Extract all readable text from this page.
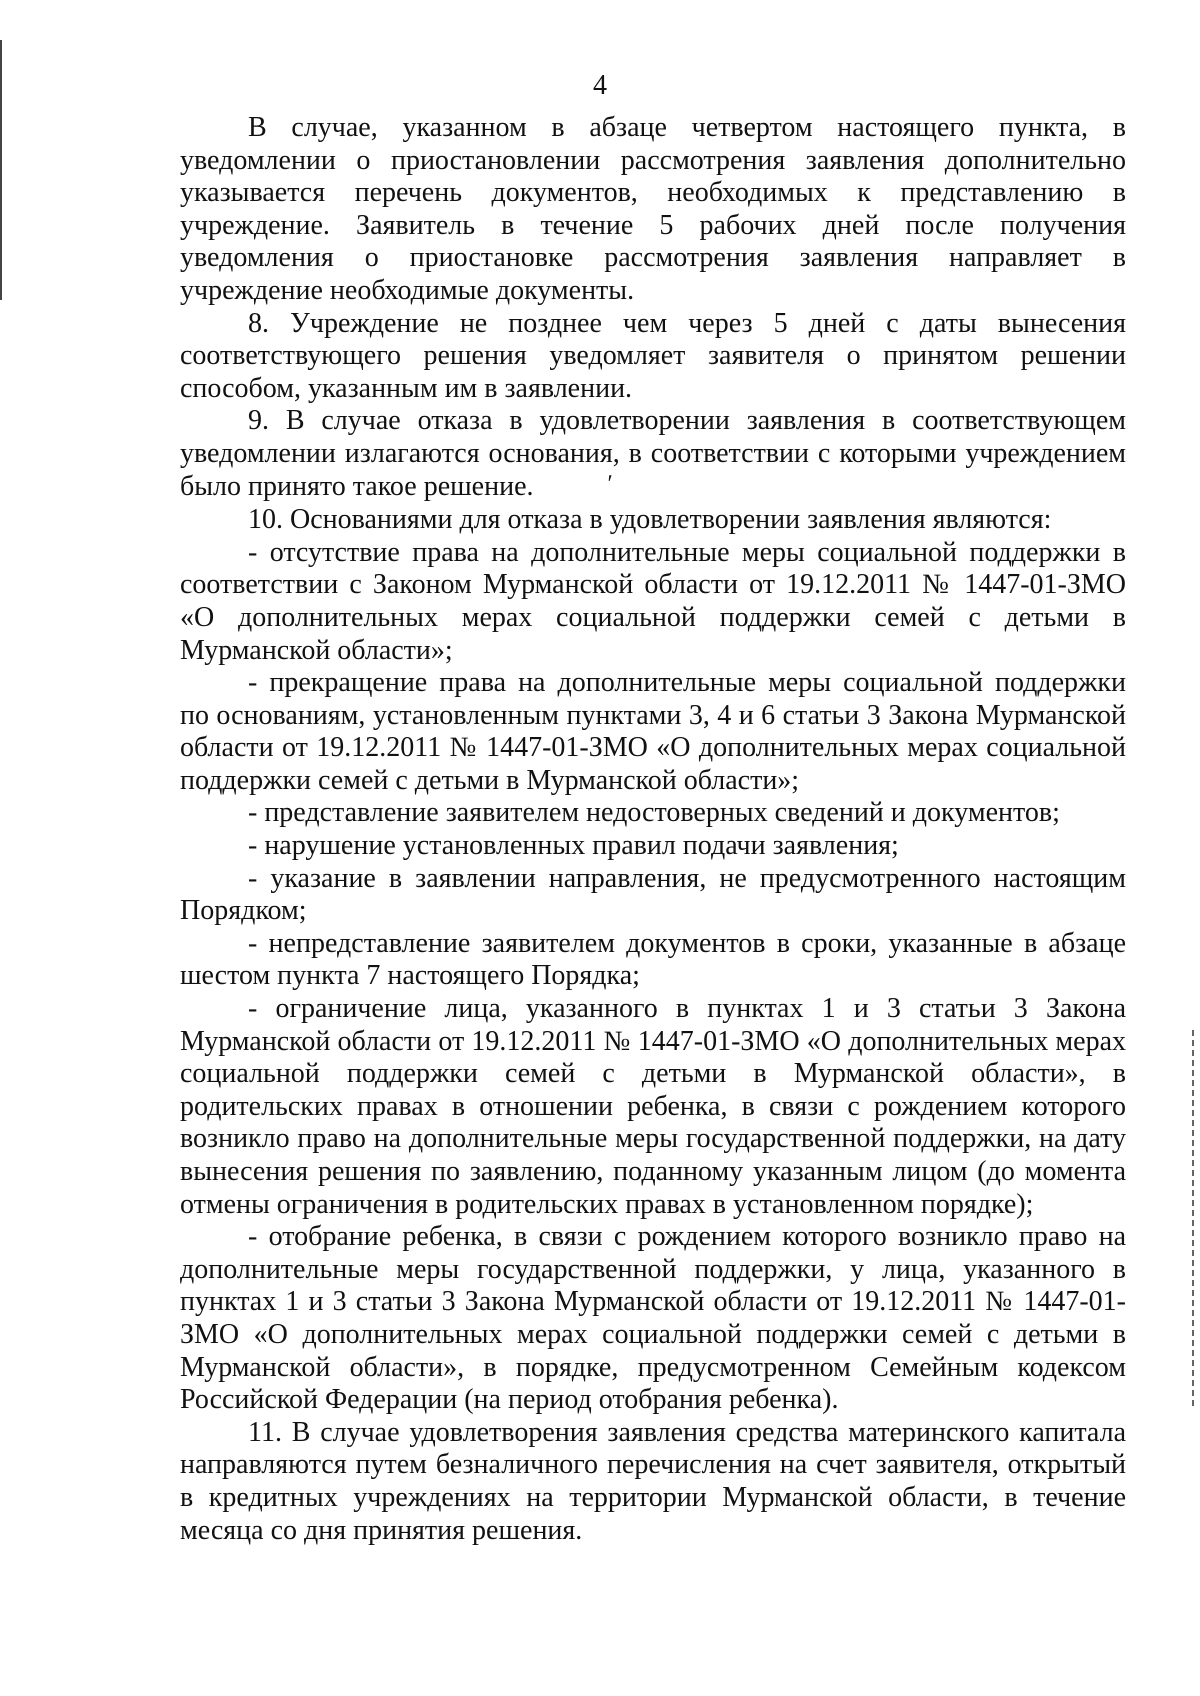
4

В случае, указанном в абзаце четвертом настоящего пункта, в уведомлении о приостановлении рассмотрения заявления дополнительно указывается перечень документов, необходимых к представлению в учреждение. Заявитель в течение 5 рабочих дней после получения уведомления о приостановке рассмотрения заявления направляет в учреждение необходимые документы.

8. Учреждение не позднее чем через 5 дней с даты вынесения соответствующего решения уведомляет заявителя о принятом решении способом, указанным им в заявлении.

9. В случае отказа в удовлетворении заявления в соответствующем уведомлении излагаются основания, в соответствии с которыми учреждением было принято такое решение.	ʹ

10. Основаниями для отказа в удовлетворении заявления являются:

- отсутствие права на дополнительные меры социальной поддержки в соответствии с Законом Мурманской области от 19.12.2011 № 1447-01-ЗМО «О дополнительных мерах социальной поддержки семей с детьми в Мурманской области»;

- прекращение права на дополнительные меры социальной поддержки по основаниям, установленным пунктами 3, 4 и 6 статьи 3 Закона Мурманской области от 19.12.2011 № 1447-01-ЗМО «О дополнительных мерах социальной поддержки семей с детьми в Мурманской области»;

- представление заявителем недостоверных сведений и документов;

- нарушение установленных правил подачи заявления;

- указание в заявлении направления, не предусмотренного настоящим Порядком;

- непредставление заявителем документов в сроки, указанные в абзаце шестом пункта 7 настоящего Порядка;

- ограничение лица, указанного в пунктах 1 и 3 статьи 3 Закона Мурманской области от 19.12.2011 № 1447-01-ЗМО «О дополнительных мерах социальной поддержки семей с детьми в Мурманской области», в родительских правах в отношении ребенка, в связи с рождением которого возникло право на дополнительные меры государственной поддержки, на дату вынесения решения по заявлению, поданному указанным лицом (до момента отмены ограничения в родительских правах в установленном порядке);

- отобрание ребенка, в связи с рождением которого возникло право на дополнительные меры государственной поддержки, у лица, указанного в пунктах 1 и 3 статьи 3 Закона Мурманской области от 19.12.2011 № 1447-01-ЗМО «О дополнительных мерах социальной поддержки семей с детьми в Мурманской области», в порядке, предусмотренном Семейным кодексом Российской Федерации (на период отобрания ребенка).

11. В случае удовлетворения заявления средства материнского капитала направляются путем безналичного перечисления на счет заявителя, открытый в кредитных учреждениях на территории Мурманской области, в течение месяца со дня принятия решения.
